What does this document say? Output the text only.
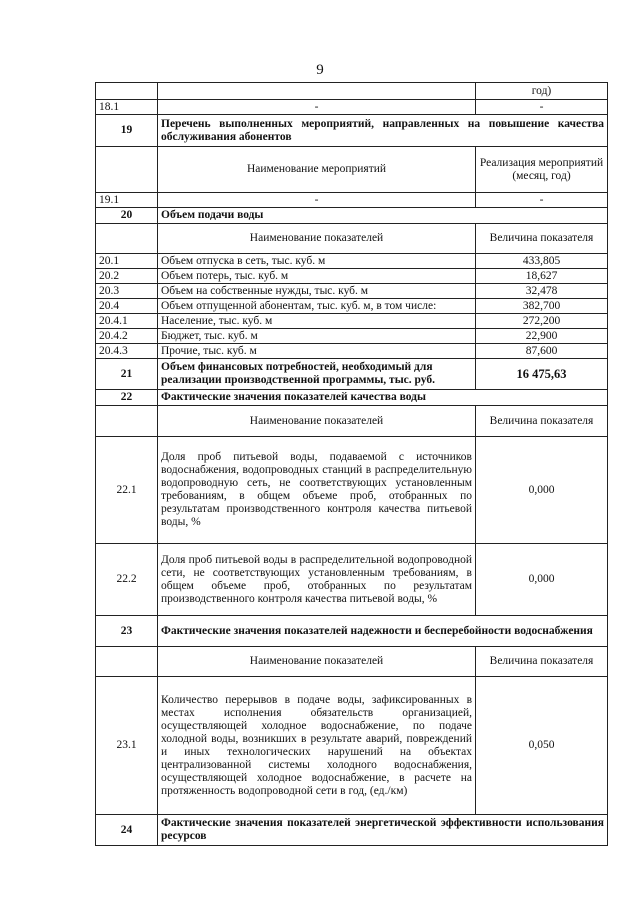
9
		год)
18.1	-	-
19	Перечень выполненных мероприятий, направленных на повышение качества обслуживания абонентов	
	Наименование мероприятий	Реализация мероприятий (месяц, год)
19.1	-	-
20	Объем подачи воды	
	Наименование показателей	Величина показателя
20.1	Объем отпуска в сеть, тыс. куб. м	433,805
20.2	Объем потерь, тыс. куб. м	18,627
20.3	Объем на собственные нужды, тыс. куб. м	32,478
20.4	Объем отпущенной абонентам, тыс. куб. м, в том числе:	382,700
20.4.1	Население, тыс. куб. м	272,200
20.4.2	Бюджет, тыс. куб. м	22,900
20.4.3	Прочие, тыс. куб. м	87,600
21	Объем финансовых потребностей, необходимый для реализации производственной программы, тыс. руб.	16 475,63
22	Фактические значения показателей качества воды	
	Наименование показателей	Величина показателя
22.1	Доля проб питьевой воды, подаваемой с источников водоснабжения, водопроводных станций в распределительную водопроводную сеть, не соответствующих установленным требованиям, в общем объеме проб, отобранных по результатам производственного контроля качества питьевой воды, %	0,000
22.2	Доля проб питьевой воды в распределительной водопроводной сети, не соответствующих установленным требованиям, в общем объеме проб, отобранных по результатам производственного контроля качества питьевой воды, %	0,000
23	Фактические значения показателей надежности и бесперебойности водоснабжения	
	Наименование показателей	Величина показателя
23.1	Количество перерывов в подаче воды, зафиксированных в местах исполнения обязательств организацией, осуществляющей холодное водоснабжение, по подаче холодной воды, возникших в результате аварий, повреждений и иных технологических нарушений на объектах централизованной системы холодного водоснабжения, осуществляющей холодное водоснабжение, в расчете на протяженность водопроводной сети в год, (ед./км)	0,050
24	Фактические значения показателей энергетической эффективности использования ресурсов	
